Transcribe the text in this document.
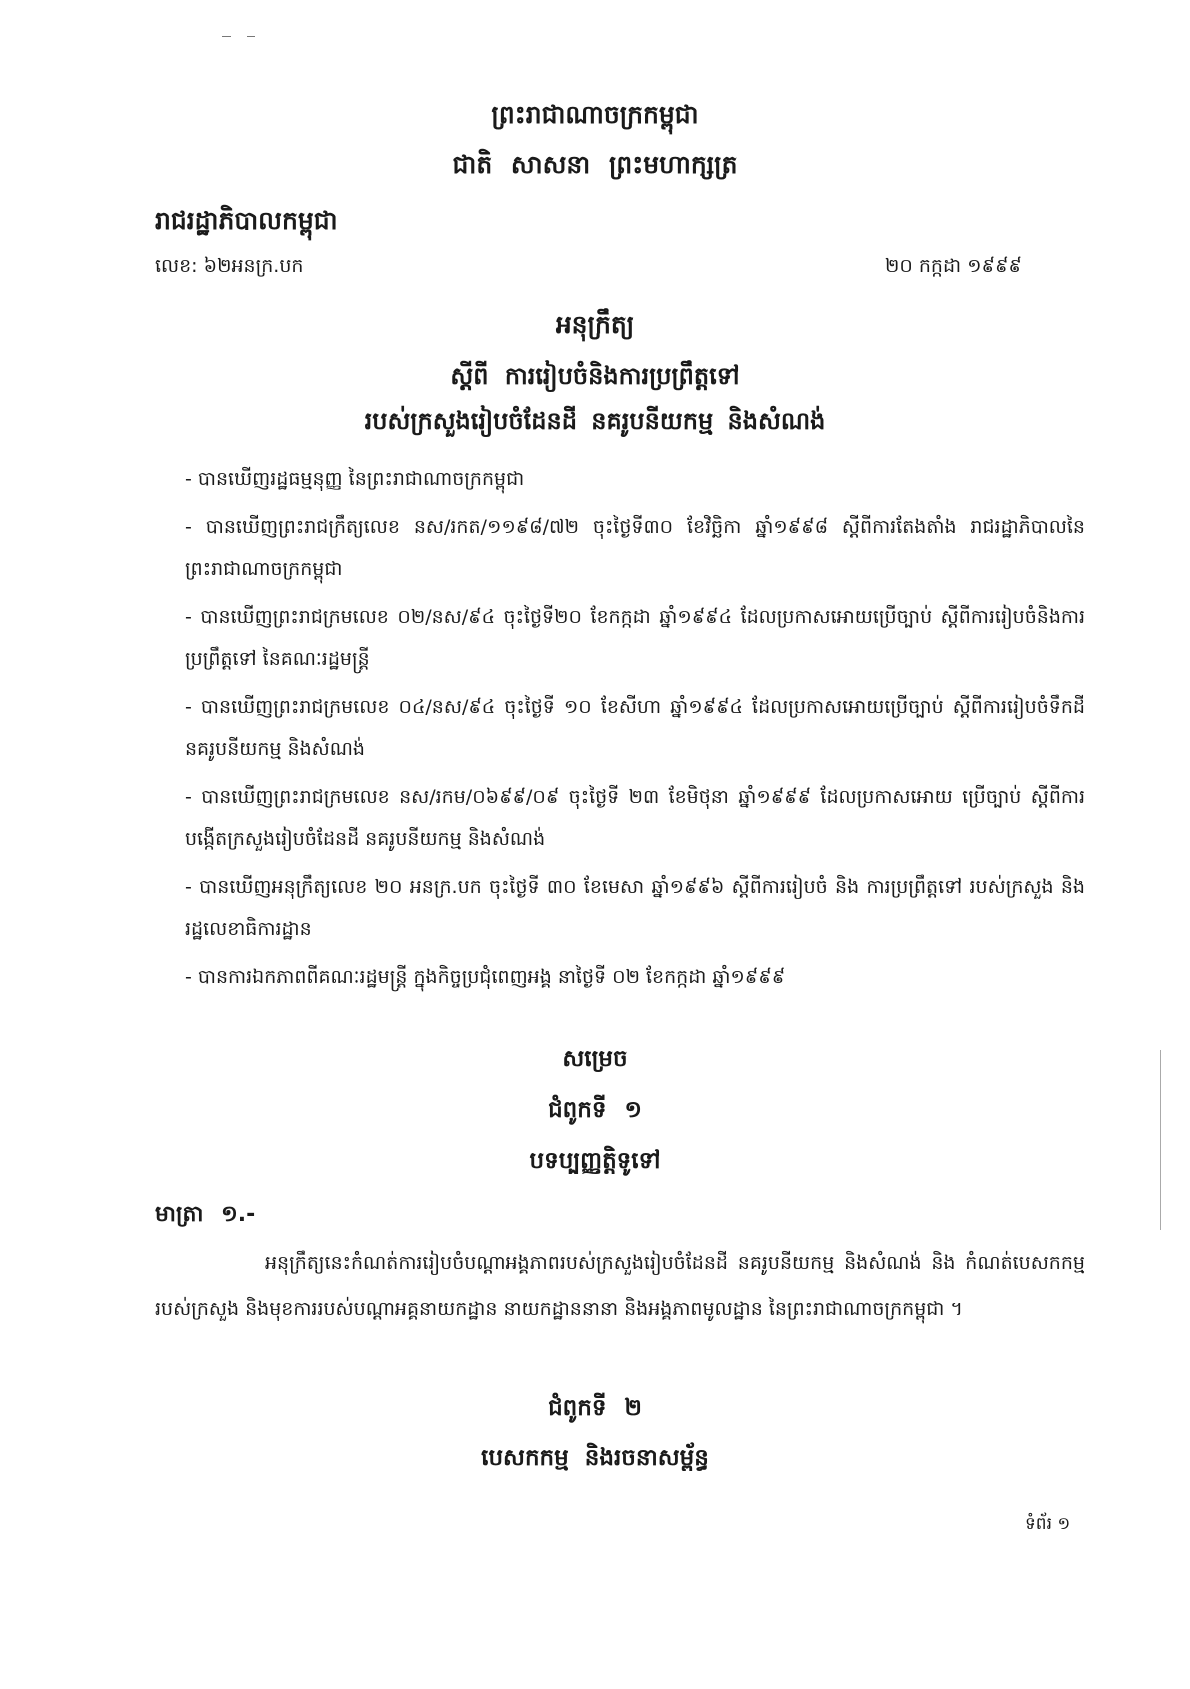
ព្រះរាជាណាចក្រកម្ពុជា
ជាតិ សាសនា ព្រះមហាក្សត្រ
រាជរដ្ឋាភិបាលកម្ពុជា
លេខ: ៦២អនក្រ.បក	២០ កក្កដា ១៩៩៩
អនុក្រឹត្យ
ស្តីពី ការរៀបចំនិងការប្រព្រឹត្តទៅ
របស់ក្រសួងរៀបចំដែនដី នគរូបនីយកម្ម និងសំណង់
- បានឃើញរដ្ឋធម្មនុញ្ញ នៃព្រះរាជាណាចក្រកម្ពុជា
- បានឃើញព្រះរាជក្រឹត្យលេខ នស/រកត/១១៩៨/៧២ ចុះថ្ងៃទី៣០ ខែវិច្ឆិកា ឆ្នាំ១៩៩៨ ស្តីពីការតែងតាំង រាជរដ្ឋាភិបាលនៃព្រះរាជាណាចក្រកម្ពុជា
- បានឃើញព្រះរាជក្រមលេខ ០២/នស/៩៤ ចុះថ្ងៃទី២០ ខែកក្កដា ឆ្នាំ១៩៩៤ ដែលប្រកាសអោយប្រើច្បាប់ ស្តីពីការរៀបចំនិងការប្រព្រឹត្តទៅ នៃគណៈរដ្ឋមន្ត្រី
- បានឃើញព្រះរាជក្រមលេខ ០៤/នស/៩៤ ចុះថ្ងៃទី ១០ ខែសីហា ឆ្នាំ១៩៩៤ ដែលប្រកាសអោយប្រើច្បាប់ ស្តីពីការរៀបចំទឹកដី នគរូបនីយកម្ម និងសំណង់
- បានឃើញព្រះរាជក្រមលេខ នស/រកម/០៦៩៩/០៩ ចុះថ្ងៃទី ២៣ ខែមិថុនា ឆ្នាំ១៩៩៩ ដែលប្រកាសអោយ ប្រើច្បាប់ ស្តីពីការបង្កើតក្រសួងរៀបចំដែនដី នគរូបនីយកម្ម និងសំណង់
- បានឃើញអនុក្រឹត្យលេខ ២០ អនក្រ.បក ចុះថ្ងៃទី ៣០ ខែមេសា ឆ្នាំ១៩៩៦ ស្តីពីការរៀបចំ និង ការប្រព្រឹត្តទៅ របស់ក្រសួង និងរដ្ឋលេខាធិការដ្ឋាន
- បានការឯកភាពពីគណៈរដ្ឋមន្ត្រី ក្នុងកិច្ចប្រជុំពេញអង្គ នាថ្ងៃទី ០២ ខែកក្កដា ឆ្នាំ១៩៩៩
សម្រេច
ជំពូកទី ១
បទប្បញ្ញត្តិទូទៅ
មាត្រា ១.-

អនុក្រឹត្យនេះកំណត់ការរៀបចំបណ្តាអង្គភាពរបស់ក្រសួងរៀបចំដែនដី នគរូបនីយកម្ម និងសំណង់ និង កំណត់បេសកកម្មរបស់ក្រសួង និងមុខការរបស់បណ្តាអគ្គនាយកដ្ឋាន នាយកដ្ឋាននានា និងអង្គភាពមូលដ្ឋាន នៃព្រះរាជាណាចក្រកម្ពុជា ។

ជំពូកទី ២
បេសកកម្ម និងរចនាសម្ព័ន្ធ
ទំព័រ ១
